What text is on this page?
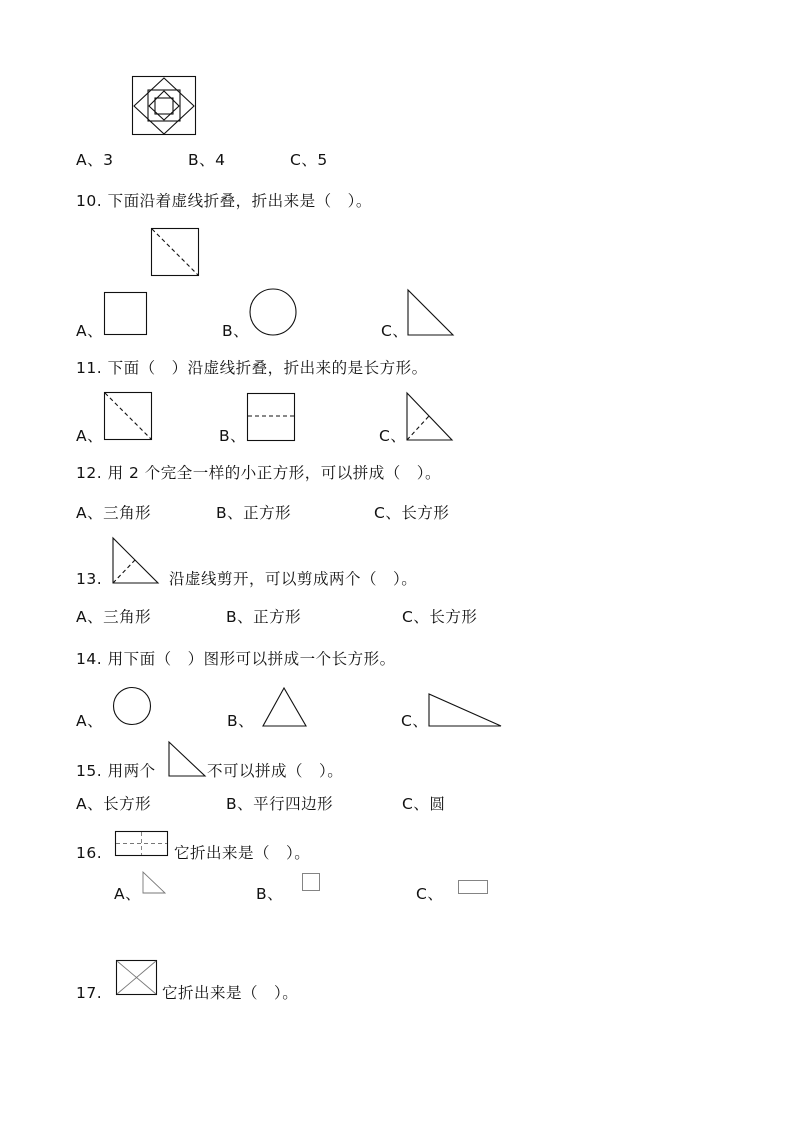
A、3	B、4	C、5
10. 下面沿着虚线折叠，折出来是（　）。
A、	B、	C、
11. 下面（　）沿虚线折叠，折出来的是长方形。
A、	B、	C、
12. 用 2 个完全一样的小正方形，可以拼成（　）。
A、三角形	B、正方形	C、长方形
13.	沿虚线剪开，可以剪成两个（　）。
A、三角形	B、正方形	C、长方形
14. 用下面（　）图形可以拼成一个长方形。
A、	B、	C、
15. 用两个	不可以拼成（　）。
A、长方形	B、平行四边形	C、圆
16.	它折出来是（　）。
A、	B、	C、
17.	它折出来是（　）。
